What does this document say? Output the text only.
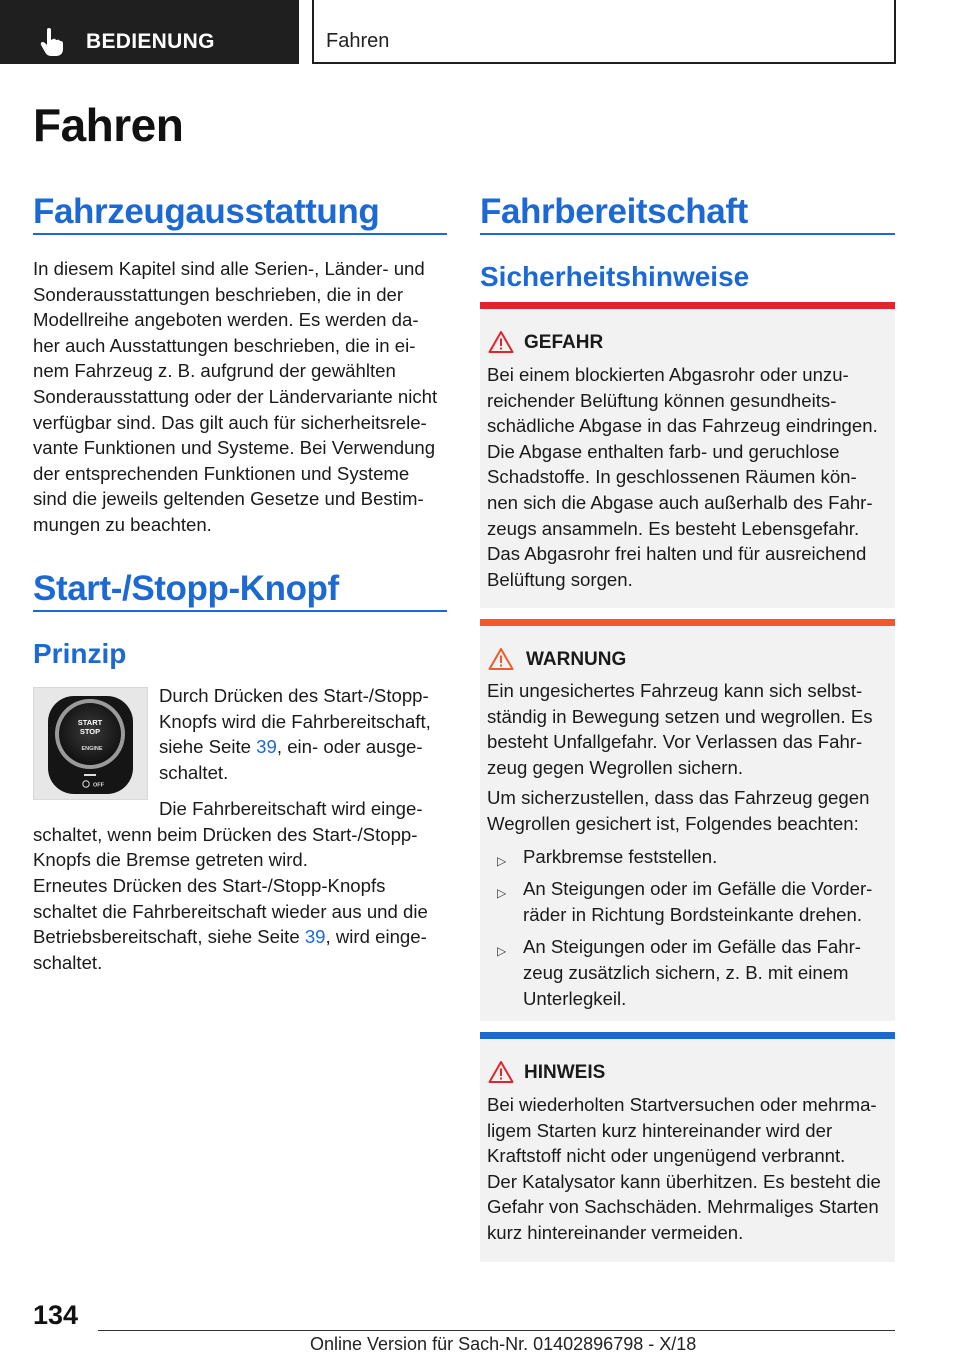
BEDIENUNG	Fahren
Fahren
Fahrzeugausstattung
In diesem Kapitel sind alle Serien-, Länder- und
Sonderausstattungen beschrieben, die in der
Modellreihe angeboten werden. Es werden da-
her auch Ausstattungen beschrieben, die in ei-
nem Fahrzeug z. B. aufgrund der gewählten
Sonderausstattung oder der Ländervariante nicht
verfügbar sind. Das gilt auch für sicherheitsrele-
vante Funktionen und Systeme. Bei Verwendung
der entsprechenden Funktionen und Systeme
sind die jeweils geltenden Gesetze und Bestim-
mungen zu beachten.
Start-/Stopp-Knopf
Prinzip
START
STOP
ENGINE
OFF
Durch Drücken des Start-/Stopp-
Knopfs wird die Fahrbereitschaft,
siehe Seite 39, ein- oder ausge-
schaltet.
Die Fahrbereitschaft wird einge-
schaltet, wenn beim Drücken des Start-/Stopp-
Knopfs die Bremse getreten wird.
Erneutes Drücken des Start-/Stopp-Knopfs
schaltet die Fahrbereitschaft wieder aus und die
Betriebsbereitschaft, siehe Seite 39, wird einge-
schaltet.
Fahrbereitschaft
Sicherheitshinweise
GEFAHR
Bei einem blockierten Abgasrohr oder unzu-
reichender Belüftung können gesundheits-
schädliche Abgase in das Fahrzeug eindringen.
Die Abgase enthalten farb- und geruchlose
Schadstoffe. In geschlossenen Räumen kön-
nen sich die Abgase auch außerhalb des Fahr-
zeugs ansammeln. Es besteht Lebensgefahr.
Das Abgasrohr frei halten und für ausreichend
Belüftung sorgen.
WARNUNG
Ein ungesichertes Fahrzeug kann sich selbst-
ständig in Bewegung setzen und wegrollen. Es
besteht Unfallgefahr. Vor Verlassen das Fahr-
zeug gegen Wegrollen sichern.
Um sicherzustellen, dass das Fahrzeug gegen
Wegrollen gesichert ist, Folgendes beachten:
▷ Parkbremse feststellen.
▷ An Steigungen oder im Gefälle die Vorder-
räder in Richtung Bordsteinkante drehen.
▷ An Steigungen oder im Gefälle das Fahr-
zeug zusätzlich sichern, z. B. mit einem
Unterlegkeil.
HINWEIS
Bei wiederholten Startversuchen oder mehrma-
ligem Starten kurz hintereinander wird der
Kraftstoff nicht oder ungenügend verbrannt.
Der Katalysator kann überhitzen. Es besteht die
Gefahr von Sachschäden. Mehrmaliges Starten
kurz hintereinander vermeiden.
134
Online Version für Sach-Nr. 01402896798 - X/18
